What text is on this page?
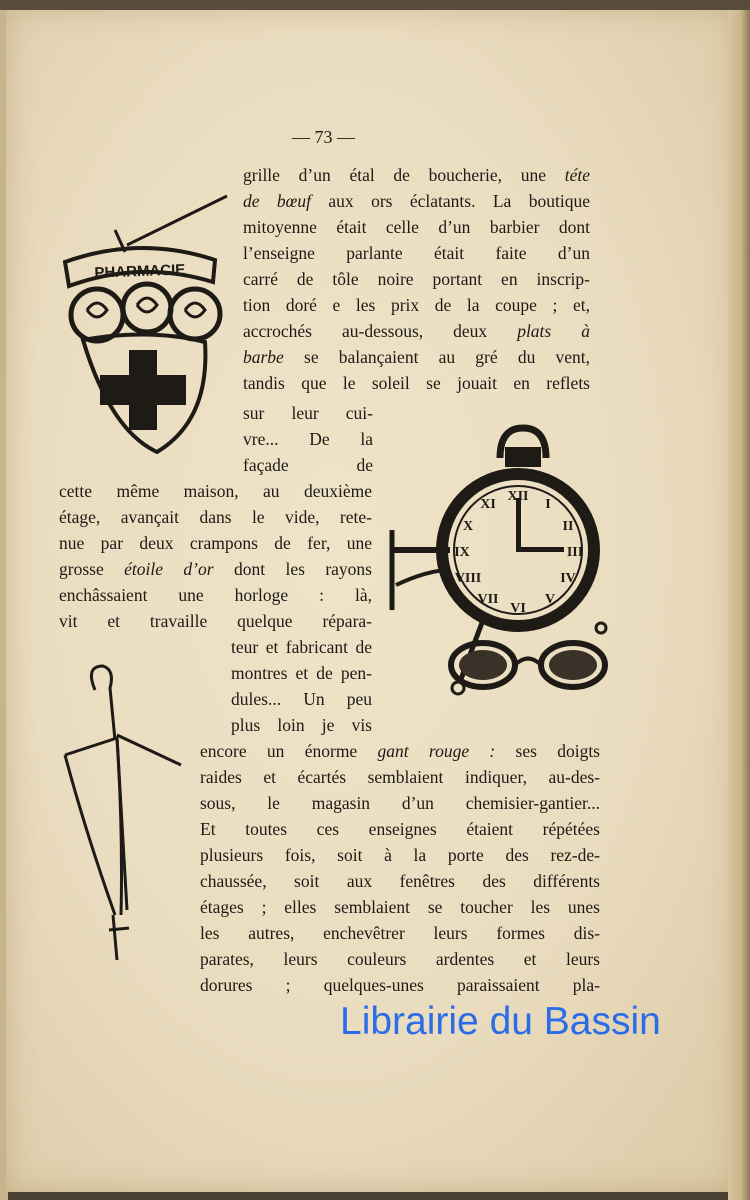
— 73 —
grille d’un étal de boucherie, une téte
de bœuf aux ors éclatants. La boutique
mitoyenne était celle d’un barbier dont
l’enseigne parlante était faite d’un
carré de tôle noire portant en inscrip-
tion doré e les prix de la coupe ; et,
accrochés au-dessous, deux plats à
barbe se balançaient au gré du vent,
tandis que le soleil se jouait en reflets
sur leur cui-
vre... De la
façade de
cette même maison, au deuxième
étage, avançait dans le vide, rete-
nue par deux crampons de fer, une
grosse étoile d’or dont les rayons
enchâssaient une horloge : là,
vit et travaille quelque répara-
teur et fabricant de
montres et de pen-
dules... Un peu
plus loin je vis
encore un énorme gant rouge : ses doigts
raides et écartés semblaient indiquer, au-des-
sous, le magasin d’un chemisier-gantier...
Et toutes ces enseignes étaient répétées
plusieurs fois, soit à la porte des rez-de-
chaussée, soit aux fenêtres des différents
étages ; elles semblaient se toucher les unes
les autres, enchevêtrer leurs formes dis-
parates, leurs couleurs ardentes et leurs
dorures ; quelques-unes paraissaient pla-
PHARMACIE
XII
I
II
III
IV
V
VI
VII
VIII
IX
X
XI
Librairie du Bassin
